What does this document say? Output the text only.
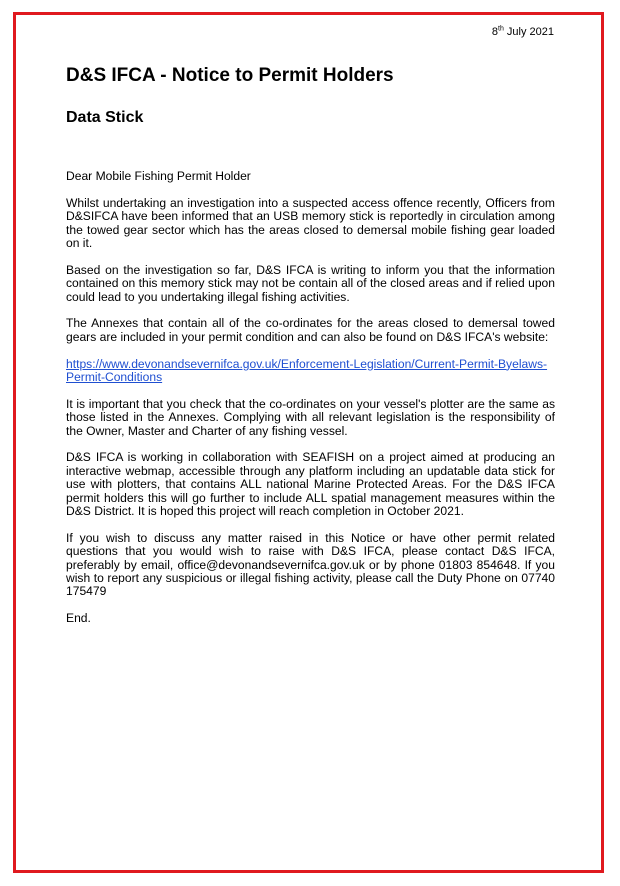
8th July 2021
D&S IFCA - Notice to Permit Holders
Data Stick

Dear Mobile Fishing Permit Holder

Whilst undertaking an investigation into a suspected access offence recently, Officers from D&SIFCA have been informed that an USB memory stick is reportedly in circulation among the towed gear sector which has the areas closed to demersal mobile fishing gear loaded on it.

Based on the investigation so far, D&S IFCA is writing to inform you that the information contained on this memory stick may not be contain all of the closed areas and if relied upon could lead to you undertaking illegal fishing activities.

The Annexes that contain all of the co-ordinates for the areas closed to demersal towed gears are included in your permit condition and can also be found on D&S IFCA's website:

https://www.devonandsevernifca.gov.uk/Enforcement-Legislation/Current-Permit-Byelaws-Permit-Conditions

It is important that you check that the co-ordinates on your vessel's plotter are the same as those listed in the Annexes. Complying with all relevant legislation is the responsibility of the Owner, Master and Charter of any fishing vessel.

D&S IFCA is working in collaboration with SEAFISH on a project aimed at producing an interactive webmap, accessible through any platform including an updatable data stick for use with plotters, that contains ALL national Marine Protected Areas. For the D&S IFCA permit holders this will go further to include ALL spatial management measures within the D&S District. It is hoped this project will reach completion in October 2021.

If you wish to discuss any matter raised in this Notice or have other permit related questions that you would wish to raise with D&S IFCA, please contact D&S IFCA, preferably by email, office@devonandsevernifca.gov.uk or by phone 01803 854648. If you wish to report any suspicious or illegal fishing activity, please call the Duty Phone on 07740 175479

End.
